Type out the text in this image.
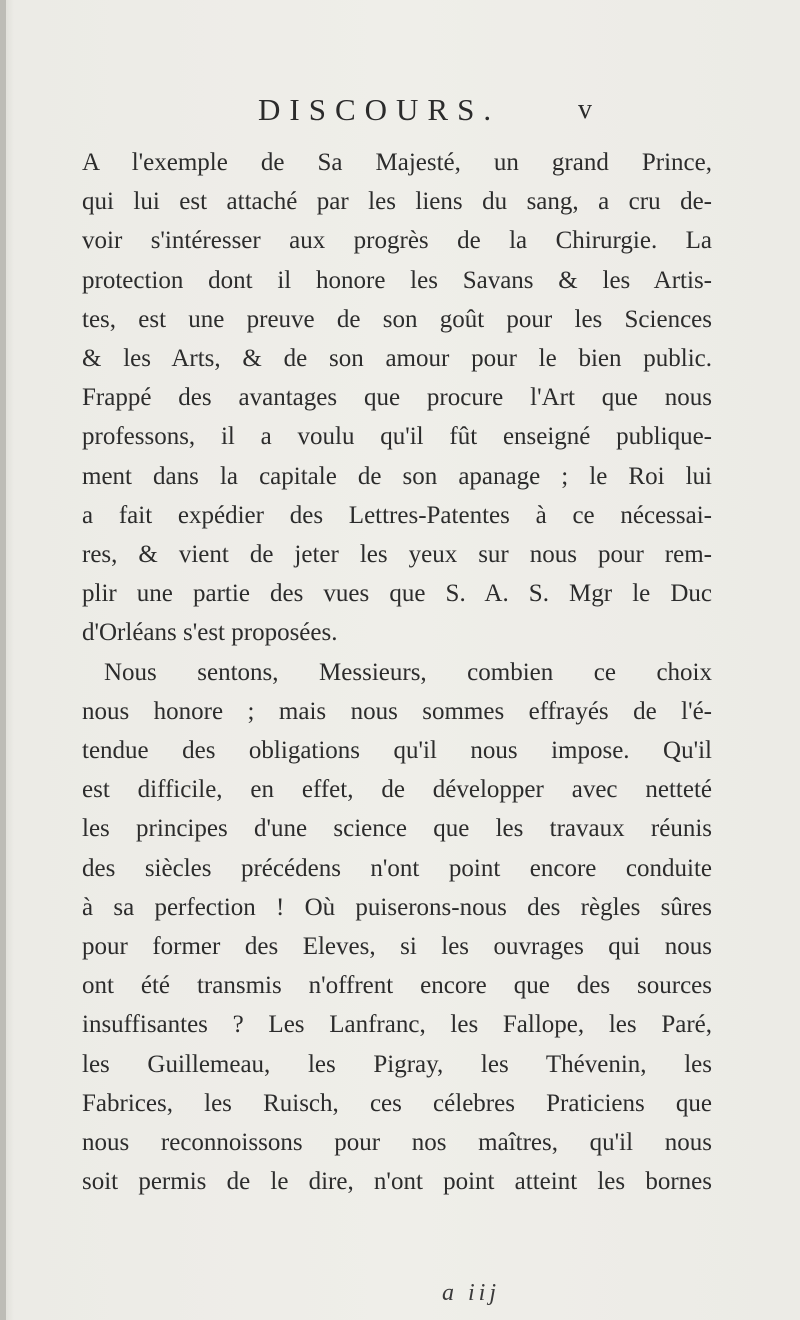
DISCOURS.	v
A l'exemple de Sa Majesté, un grand Prince,
qui lui est attaché par les liens du sang, a cru de-
voir s'intéresser aux progrès de la Chirurgie. La
protection dont il honore les Savans & les Artis-
tes, est une preuve de son goût pour les Sciences
& les Arts, & de son amour pour le bien public.
Frappé des avantages que procure l'Art que nous
professons, il a voulu qu'il fût enseigné publique-
ment dans la capitale de son apanage ; le Roi lui
a fait expédier des Lettres-Patentes à ce nécessai-
res, & vient de jeter les yeux sur nous pour rem-
plir une partie des vues que S. A. S. Mgr le Duc
d'Orléans s'est proposées.
Nous sentons, Messieurs, combien ce choix
nous honore ; mais nous sommes effrayés de l'é-
tendue des obligations qu'il nous impose. Qu'il
est difficile, en effet, de développer avec netteté
les principes d'une science que les travaux réunis
des siècles précédens n'ont point encore conduite
à sa perfection ! Où puiserons-nous des règles sûres
pour former des Eleves, si les ouvrages qui nous
ont été transmis n'offrent encore que des sources
insuffisantes ? Les Lanfranc, les Fallope, les Paré,
les Guillemeau, les Pigray, les Thévenin, les
Fabrices, les Ruisch, ces célebres Praticiens que
nous reconnoissons pour nos maîtres, qu'il nous
soit permis de le dire, n'ont point atteint les bornes
a iij
